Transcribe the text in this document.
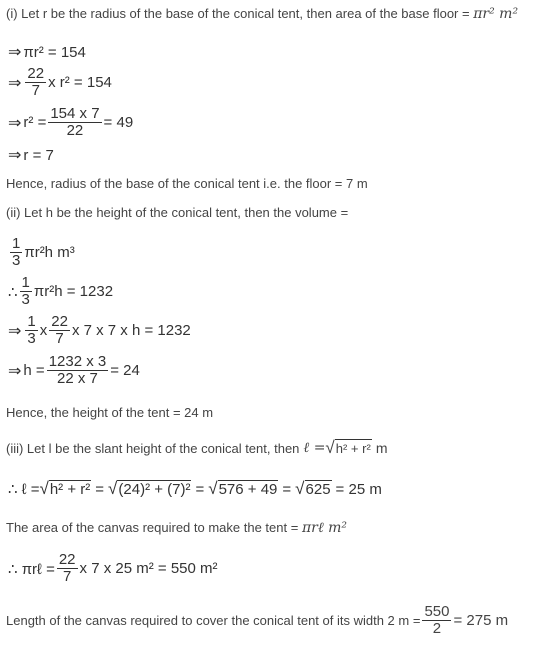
(i) Let r be the radius of the base of the conical tent, then area of the base floor = πr² m²
⇒ πr² = 154
⇒ $\frac{22}{7}$ x r² = 154
⇒ $r^2 = \frac{154 x 7}{22} = 49$
⇒ r = 7
Hence, radius of the base of the conical tent i.e. the floor = 7 m
(ii) Let h be the height of the conical tent, then the volume =
$\frac{1}{3} \pi r^2h$ m³
∴ $\frac{1}{3} \pi r^2h = 1232$
⇒ $\frac{1}{3}$ x $\frac{22}{7}$ x 7 x 7 x h = 1232
⇒ $h = \frac{1232 x 3}{22 x 7} = 24$
Hence, the height of the tent = 24 m
(iii) Let l be the slant height of the conical tent, then ℓ = √ h² + r² m
∴ ℓ = √ h² + r² = √ (24)² + (7)² = √ 576 + 49 = √ 625 = 25 m
The area of the canvas required to make the tent = πrℓ m²
∴ πrℓ = $\frac{22}{7}$ x 7 x 25 m² = 550 m²
Length of the canvas required to cover the conical tent of its width 2 $m = \frac{550}{2} = 275$ m
